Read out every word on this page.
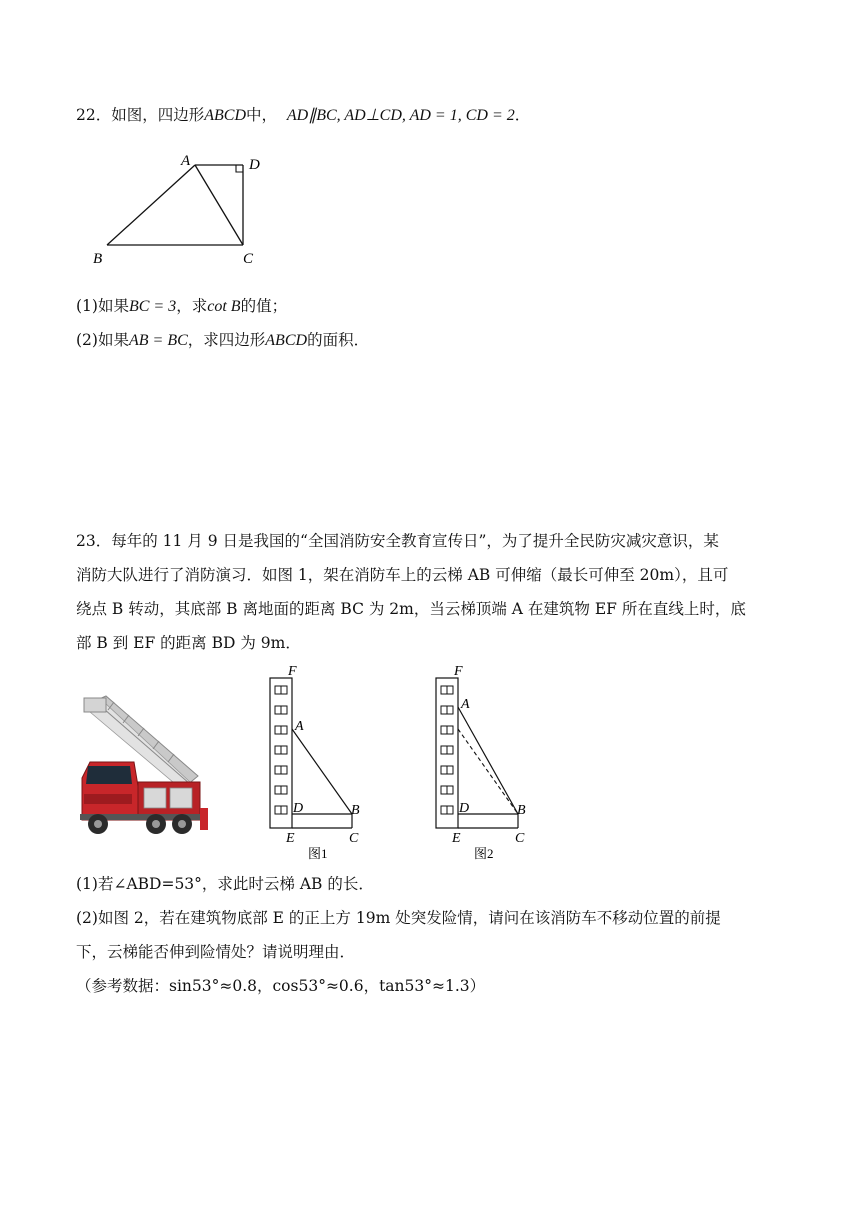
22．如图，四边形ABCD中， AD∥BC, AD⊥CD, AD = 1, CD = 2．
A	D
B	C
(1)如果BC = 3，求cot B的值；
(2)如果AB = BC，求四边形ABCD的面积．
23．每年的 11 月 9 日是我国的“全国消防安全教育宣传日”，为了提升全民防灾减灾意识，某
消防大队进行了消防演习．如图 1，架在消防车上的云梯 AB 可伸缩（最长可伸至 20m），且可
绕点 B 转动，其底部 B 离地面的距离 BC 为 2m，当云梯顶端 A 在建筑物 EF 所在直线上时，底
部 B 到 EF 的距离 BD 为 9m．
F
A
D	B
E	C
图1
F
A
D	B
E	C
图2
(1)若∠ABD=53°，求此时云梯 AB 的长．
(2)如图 2，若在建筑物底部 E 的正上方 19m 处突发险情，请问在该消防车不移动位置的前提
下，云梯能否伸到险情处？请说明理由．
（参考数据：sin53°≈0.8，cos53°≈0.6，tan53°≈1.3）
